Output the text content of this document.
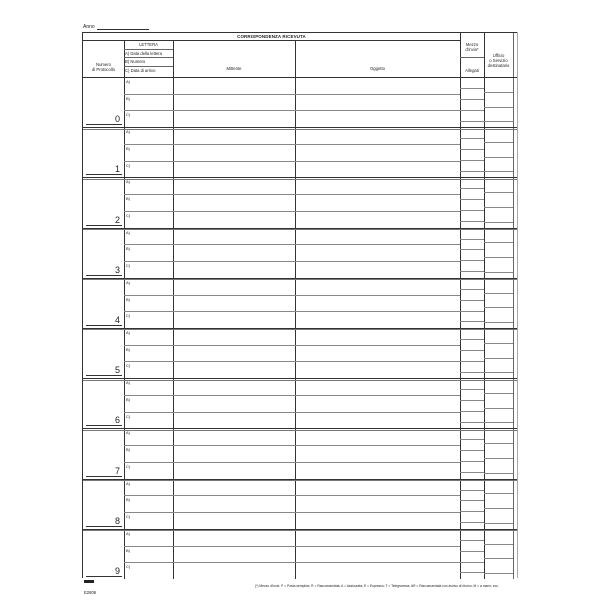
Anno
CORRISPONDENZA RICEVUTA
Numero
di Protocollo
LETTERA
A) Data della lettera
B) Numero
C) Data di arrivo	Mittente	Oggetto
Mezzo
d'invio*
Allegati
Ufficio
o Servizio
destinatario
A)
B)
C)
0
A)
B)
C)
1
A)
B)
C)
2
A)
B)
C)
3
A)
B)
C)
4
A)
B)
C)
5
A)
B)
C)
6
A)
B)
C)
7
A)
B)
C)
8
A)
B)
C)
9
E2806
(*) Mezzo d'invio: P = Posta semplice; R = Raccomandata; A = Assicurata; E = Espresso; T = Telegramma; AR = Raccomandata con avviso di ritorno; M = a mano; ecc.
